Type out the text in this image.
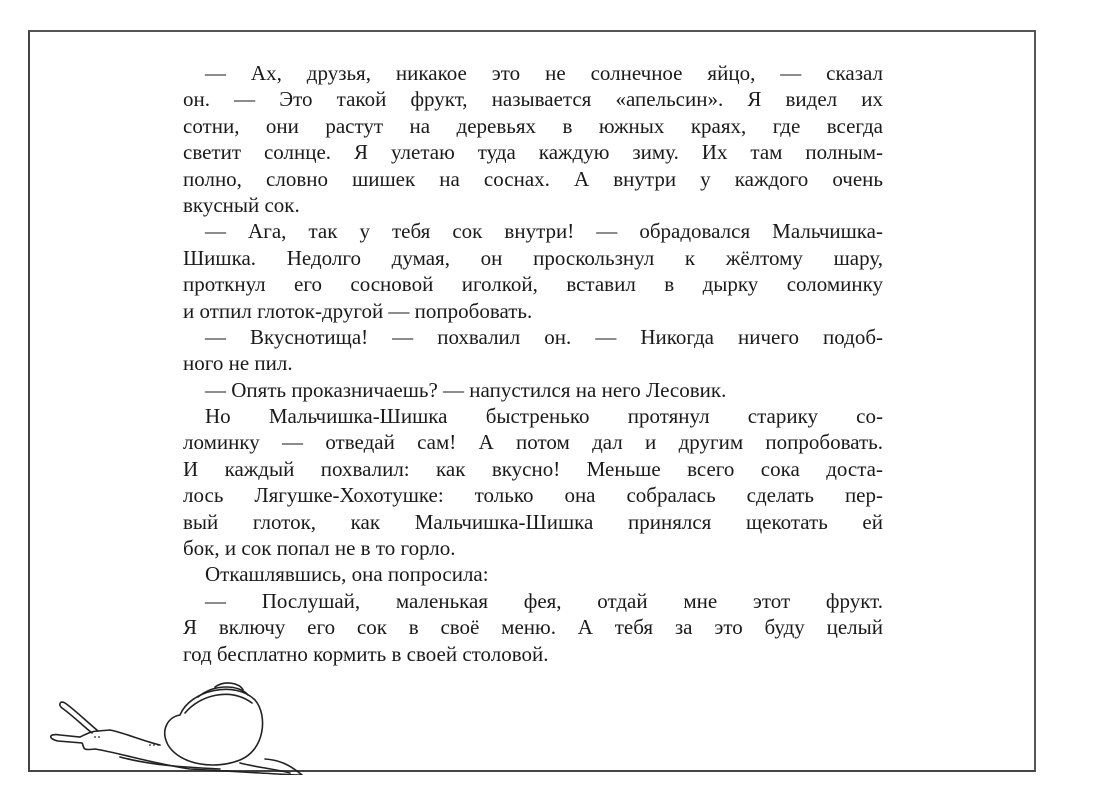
— Ах, друзья, никакое это не солнечное яйцо, — сказал
он. — Это такой фрукт, называется «апельсин». Я видел их
сотни, они растут на деревьях в южных краях, где всегда
светит солнце. Я улетаю туда каждую зиму. Их там полным-
полно, словно шишек на соснах. А внутри у каждого очень
вкусный сок.
— Ага, так у тебя сок внутри! — обрадовался Мальчишка-
Шишка. Недолго думая, он проскользнул к жёлтому шару,
проткнул его сосновой иголкой, вставил в дырку соломинку
и отпил глоток-другой — попробовать.
— Вкуснотища! — похвалил он. — Никогда ничего подоб-
ного не пил.
— Опять проказничаешь? — напустился на него Лесовик.
Но Мальчишка-Шишка быстренько протянул старику со-
ломинку — отведай сам! А потом дал и другим попробовать.
И каждый похвалил: как вкусно! Меньше всего сока доста-
лось Лягушке-Хохотушке: только она собралась сделать пер-
вый глоток, как Мальчишка-Шишка принялся щекотать ей
бок, и сок попал не в то горло.
Откашлявшись, она попросила:
— Послушай, маленькая фея, отдай мне этот фрукт.
Я включу его сок в своё меню. А тебя за это буду целый
год бесплатно кормить в своей столовой.
